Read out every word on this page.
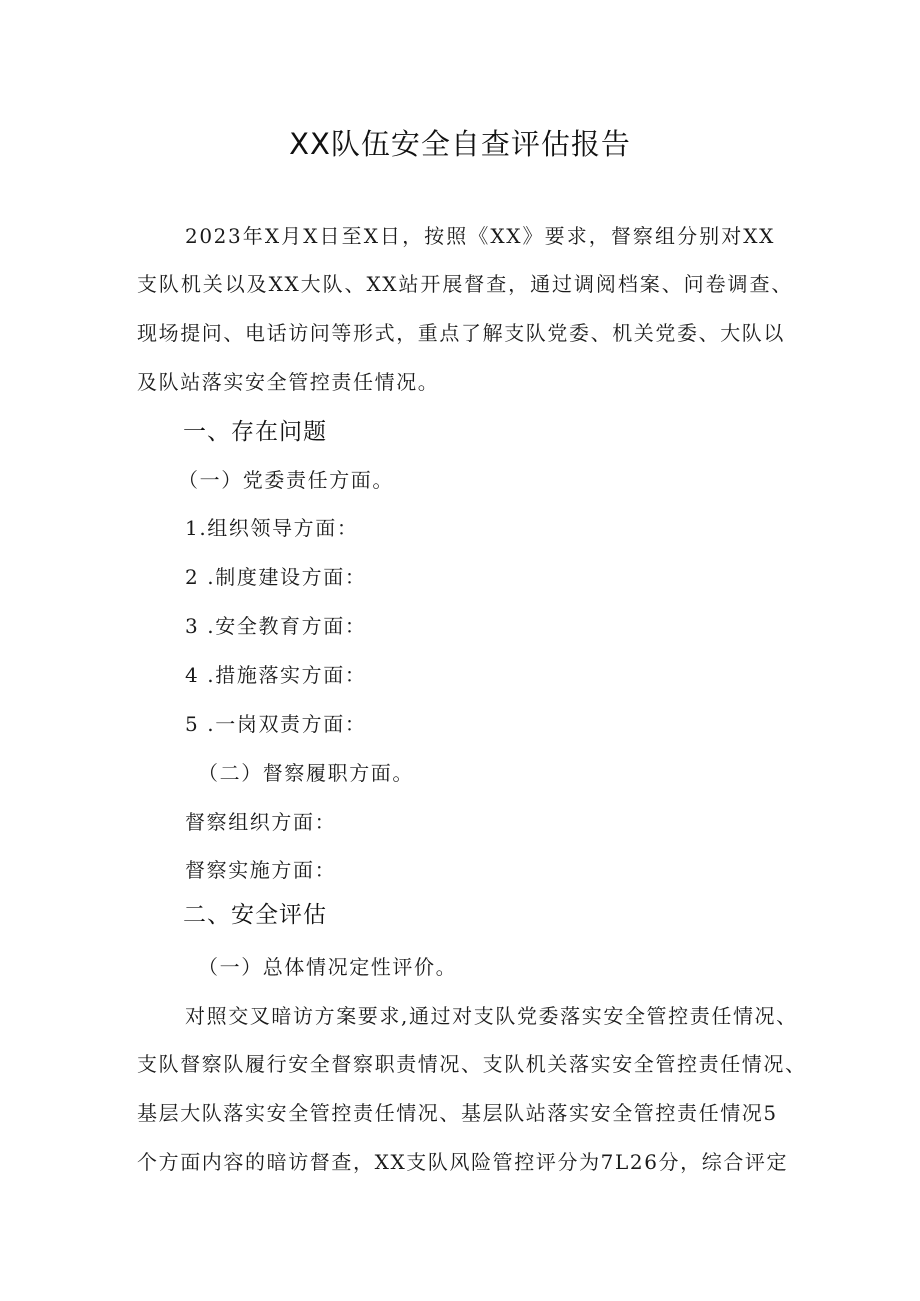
XX队伍安全自查评估报告
2023年X月X日至X日，按照《XX》要求，督察组分别对XX
支队机关以及XX大队、XX站开展督查，通过调阅档案、问卷调查、
现场提问、电话访问等形式，重点了解支队党委、机关党委、大队以
及队站落实安全管控责任情况。
一、存在问题
（一）党委责任方面。
1.组织领导方面：
2 .制度建设方面：
3 .安全教育方面：
4 .措施落实方面：
5 .一岗双责方面：
（二）督察履职方面。
督察组织方面：
督察实施方面：
二、安全评估
（一）总体情况定性评价。
对照交叉暗访方案要求,通过对支队党委落实安全管控责任情况、
支队督察队履行安全督察职责情况、支队机关落实安全管控责任情况、
基层大队落实安全管控责任情况、基层队站落实安全管控责任情况5
个方面内容的暗访督查，XX支队风险管控评分为7L26分，综合评定
